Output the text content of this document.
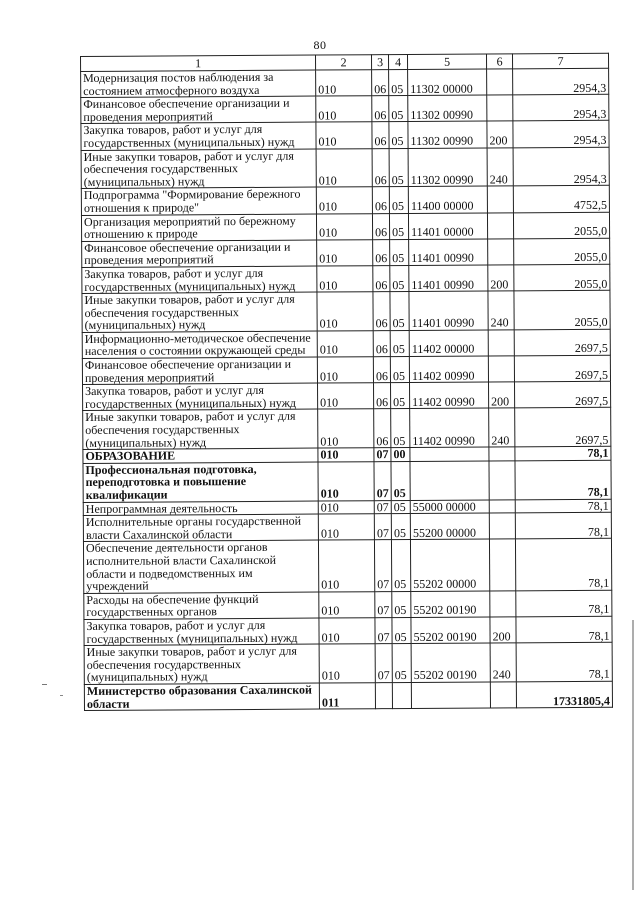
80
1	2	3	4	5	6	7
Модернизация постов наблюдения за состоянием атмосферного воздуха	010	06	05	11302 00000		2954,3
Финансовое обеспечение организации и проведения мероприятий	010	06	05	11302 00990		2954,3
Закупка товаров, работ и услуг для государственных (муниципальных) нужд	010	06	05	11302 00990	200	2954,3
Иные закупки товаров, работ и услуг для обеспечения государственных (муниципальных) нужд	010	06	05	11302 00990	240	2954,3
Подпрограмма "Формирование бережного отношения к природе"	010	06	05	11400 00000		4752,5
Организация мероприятий по бережному отношению к природе	010	06	05	11401 00000		2055,0
Финансовое обеспечение организации и проведения мероприятий	010	06	05	11401 00990		2055,0
Закупка товаров, работ и услуг для государственных (муниципальных) нужд	010	06	05	11401 00990	200	2055,0
Иные закупки товаров, работ и услуг для обеспечения государственных (муниципальных) нужд	010	06	05	11401 00990	240	2055,0
Информационно-методическое обеспечение населения о состоянии окружающей среды	010	06	05	11402 00000		2697,5
Финансовое обеспечение организации и проведения мероприятий	010	06	05	11402 00990		2697,5
Закупка товаров, работ и услуг для государственных (муниципальных) нужд	010	06	05	11402 00990	200	2697,5
Иные закупки товаров, работ и услуг для обеспечения государственных (муниципальных) нужд	010	06	05	11402 00990	240	2697,5
ОБРАЗОВАНИЕ	010	07	00			78,1
Профессиональная подготовка, переподготовка и повышение квалификации	010	07	05			78,1
Непрограммная деятельность	010	07	05	55000 00000		78,1
Исполнительные органы государственной власти Сахалинской области	010	07	05	55200 00000		78,1
Обеспечение деятельности органов исполнительной власти Сахалинской области и подведомственных им учреждений	010	07	05	55202 00000		78,1
Расходы на обеспечение функций государственных органов	010	07	05	55202 00190		78,1
Закупка товаров, работ и услуг для государственных (муниципальных) нужд	010	07	05	55202 00190	200	78,1
Иные закупки товаров, работ и услуг для обеспечения государственных (муниципальных) нужд	010	07	05	55202 00190	240	78,1
Министерство образования Сахалинской области	011					17331805,4
